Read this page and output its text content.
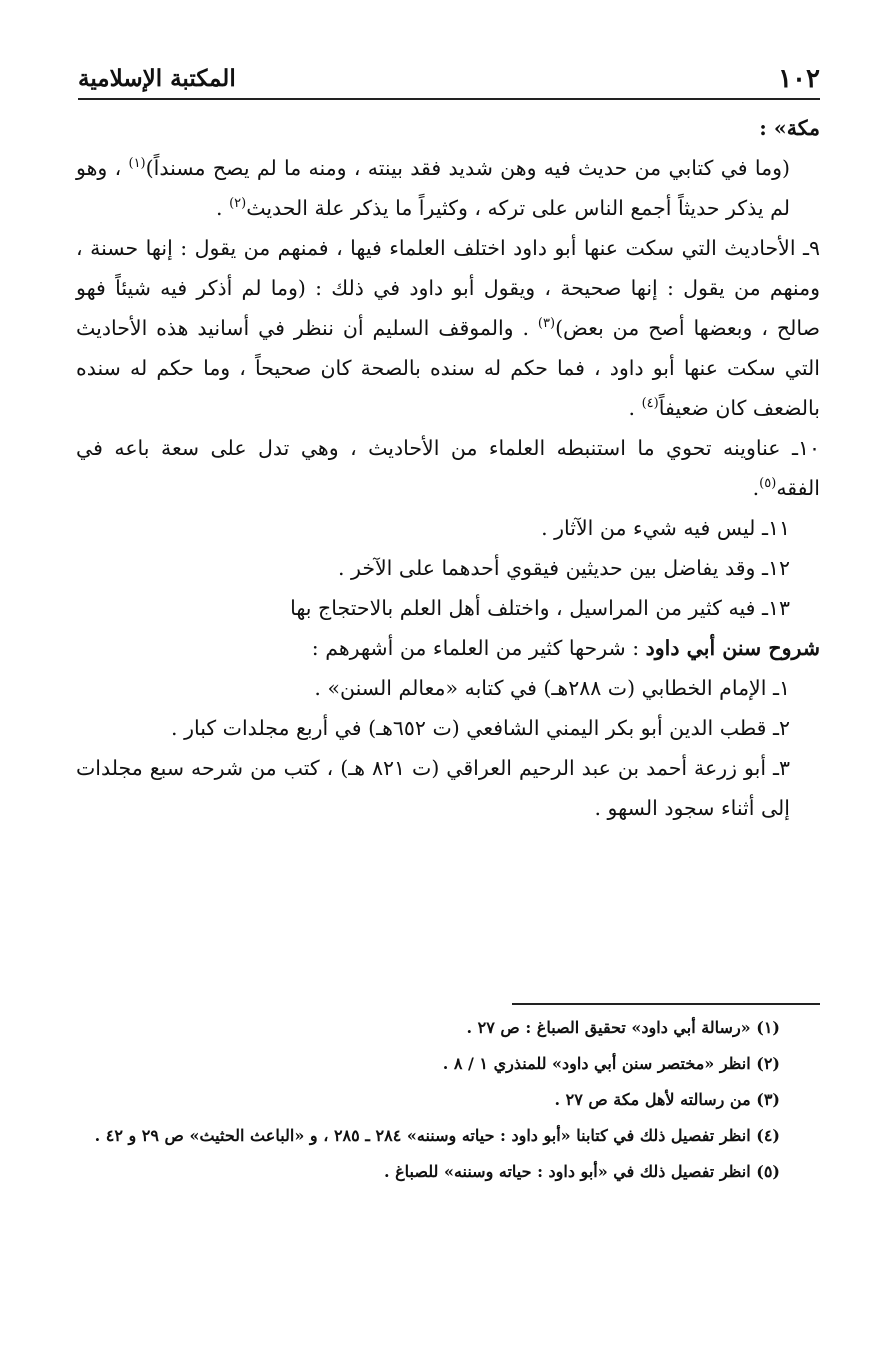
١٠٢
المكتبة الإسلامية

مكة» :

(وما في كتابي من حديث فيه وهن شديد فقد بينته ، ومنه ما لم يصح مسنداً)$^{(١)}$ ، وهو لم يذكر حديثاً أجمع الناس على تركه ، وكثيراً ما يذكر علة الحديث$^{(٢)}$ .

٩ـ الأحاديث التي سكت عنها أبو داود اختلف العلماء فيها ، فمنهم من يقول : إنها حسنة ، ومنهم من يقول : إنها صحيحة ، ويقول أبو داود في ذلك : (وما لم أذكر فيه شيئاً فهو صالح ، وبعضها أصح من بعض)$^{(٣)}$ . والموقف السليم أن ننظر في أسانيد هذه الأحاديث التي سكت عنها أبو داود ، فما حكم له سنده بالصحة كان صحيحاً ، وما حكم له سنده بالضعف كان ضعيفاً$^{(٤)}$ .

١٠ـ عناوينه تحوي ما استنبطه العلماء من الأحاديث ، وهي تدل على سعة باعه في الفقه$^{(٥)}$.

١١ـ ليس فيه شيء من الآثار .

١٢ـ وقد يفاضل بين حديثين فيقوي أحدهما على الآخر .

١٣ـ فيه كثير من المراسيل ، واختلف أهل العلم بالاحتجاج بها

شروح سنن أبي داود : شرحها كثير من العلماء من أشهرهم :

١ـ الإمام الخطابي (ت ٢٨٨هـ) في كتابه «معالم السنن» .

٢ـ قطب الدين أبو بكر اليمني الشافعي (ت ٦٥٢هـ) في أربع مجلدات كبار .

٣ـ أبو زرعة أحمد بن عبد الرحيم العراقي (ت ٨٢١ هـ) ، كتب من شرحه سبع مجلدات إلى أثناء سجود السهو .

(١) «رسالة أبي داود» تحقيق الصباغ : ص ٢٧ .

(٢) انظر «مختصر سنن أبي داود» للمنذري ١ / ٨ .

(٣) من رسالته لأهل مكة ص ٢٧ .

(٤) انظر تفصيل ذلك في كتابنا «أبو داود : حياته وسننه» ٢٨٤ ـ ٢٨٥ ، و «الباعث الحثيث» ص ٢٩ و ٤٢ .

(٥) انظر تفصيل ذلك في «أبو داود : حياته وسننه» للصباغ .
